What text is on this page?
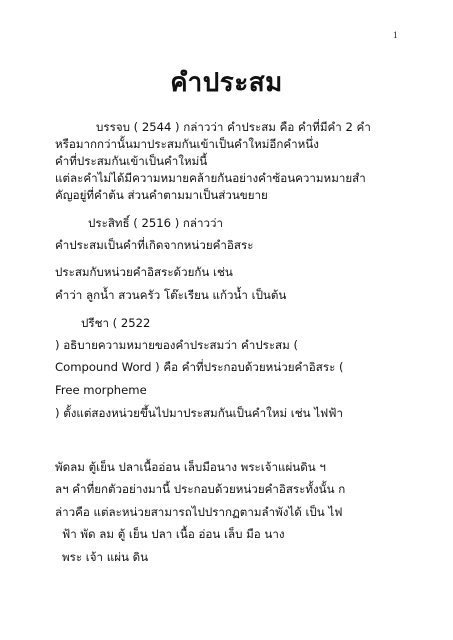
1
คำประสม
บรรจบ ( 2544 ) กล่าวว่า คำประสม คือ คำที่มีคำ 2 คำ
หรือมากกว่านั้นมาประสมกันเข้าเป็นคำใหม่อีกคำหนึ่ง
คำที่ประสมกันเข้าเป็นคำใหม่นี้
แต่ละคำไม่ได้มีความหมายคล้ายกันอย่างคำซ้อนความหมายสำ
คัญอยู่ที่คำต้น ส่วนคำตามมาเป็นส่วนขยาย
ประสิทธิ์ ( 2516 ) กล่าวว่า
คำประสมเป็นคำที่เกิดจากหน่วยคำอิสระ
ประสมกับหน่วยคำอิสระด้วยกัน เช่น
คำว่า ลูกน้ำ สวนครัว โต๊ะเรียน แก้วน้ำ เป็นต้น
ปรีชา ( 2522
) อธิบายความหมายของคำประสมว่า คำประสม (
Compound Word ) คือ คำที่ประกอบด้วยหน่วยคำอิสระ (
Free morpheme
) ตั้งแต่สองหน่วยขึ้นไปมาประสมกันเป็นคำใหม่ เช่น ไฟฟ้า
พัดลม ตู้เย็น ปลาเนื้ออ่อน เล็บมือนาง พระเจ้าแผ่นดิน ฯ
ลฯ คำที่ยกตัวอย่างมานี้ ประกอบด้วยหน่วยคำอิสระทั้งนั้น ก
ล่าวคือ แต่ละหน่วยสามารถไปปรากฏตามลำพังได้ เป็น ไฟ
ฟ้า พัด ลม ตู้ เย็น ปลา เนื้อ อ่อน เล็บ มือ นาง
พระ เจ้า แผ่น ดิน
